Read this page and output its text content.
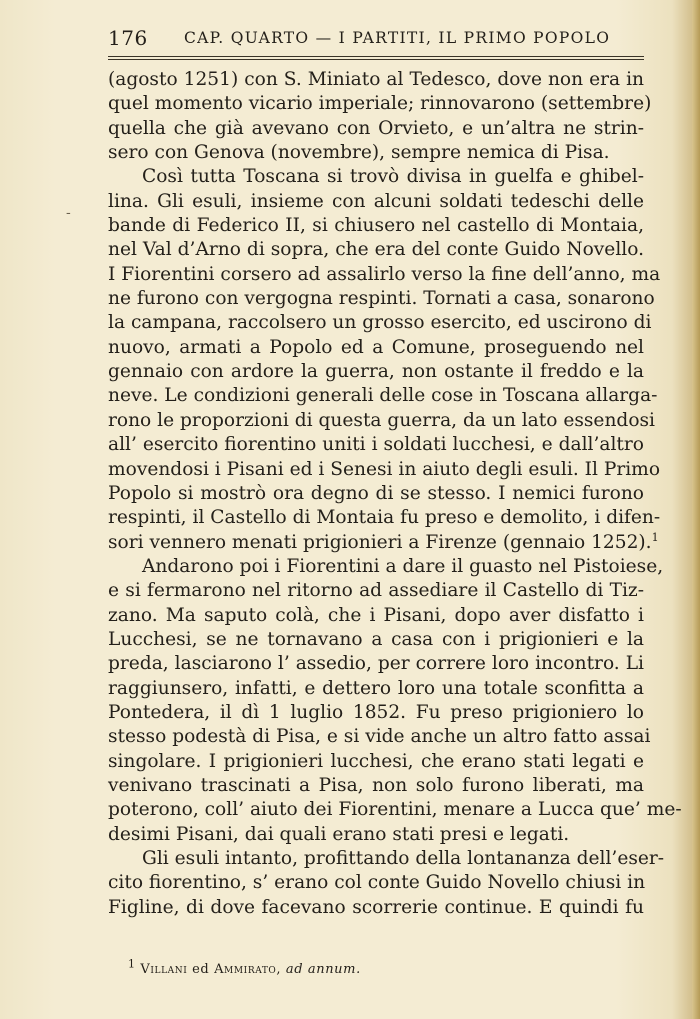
176 CAP. QUARTO — I PARTITI, IL PRIMO POPOLO
-
(agosto 1251) con S. Miniato al Tedesco, dove non era in
quel momento vicario imperiale; rinnovarono (settembre)
quella che già avevano con Orvieto, e un’altra ne strin-
sero con Genova (novembre), sempre nemica di Pisa.
Così tutta Toscana si trovò divisa in guelfa e ghibel-
lina. Gli esuli, insieme con alcuni soldati tedeschi delle
bande di Federico II, si chiusero nel castello di Montaia,
nel Val d’Arno di sopra, che era del conte Guido Novello.
I Fiorentini corsero ad assalirlo verso la fine dell’anno, ma
ne furono con vergogna respinti. Tornati a casa, sonarono
la campana, raccolsero un grosso esercito, ed uscirono di
nuovo, armati a Popolo ed a Comune, proseguendo nel
gennaio con ardore la guerra, non ostante il freddo e la
neve. Le condizioni generali delle cose in Toscana allarga-
rono le proporzioni di questa guerra, da un lato essendosi
all’ esercito fiorentino uniti i soldati lucchesi, e dall’altro
movendosi i Pisani ed i Senesi in aiuto degli esuli. Il Primo
Popolo si mostrò ora degno di se stesso. I nemici furono
respinti, il Castello di Montaia fu preso e demolito, i difen-
sori vennero menati prigionieri a Firenze (gennaio 1252).$^1$
Andarono poi i Fiorentini a dare il guasto nel Pistoiese,
e si fermarono nel ritorno ad assediare il Castello di Tiz-
zano. Ma saputo colà, che i Pisani, dopo aver disfatto i
Lucchesi, se ne tornavano a casa con i prigionieri e la
preda, lasciarono l’ assedio, per correre loro incontro. Li
raggiunsero, infatti, e dettero loro una totale sconfitta a
Pontedera, il dì 1 luglio 1852. Fu preso prigioniero lo
stesso podestà di Pisa, e si vide anche un altro fatto assai
singolare. I prigionieri lucchesi, che erano stati legati e
venivano trascinati a Pisa, non solo furono liberati, ma
poterono, coll’ aiuto dei Fiorentini, menare a Lucca que’ me-
desimi Pisani, dai quali erano stati presi e legati.
Gli esuli intanto, profittando della lontananza dell’eser-
cito fiorentino, s’ erano col conte Guido Novello chiusi in
Figline, di dove facevano scorrerie continue. E quindi fu
$^1$ Villani ed Ammirato, ad annum.
